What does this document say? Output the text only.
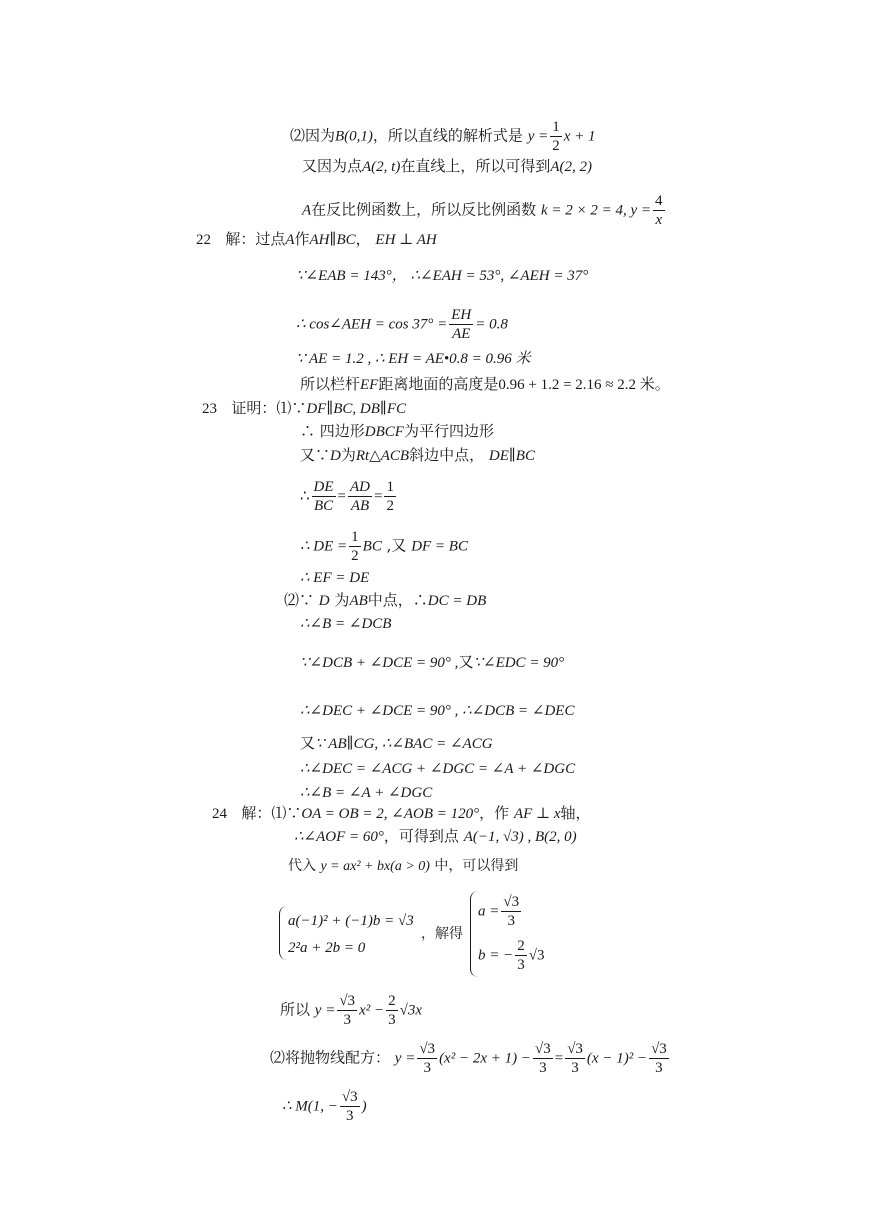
⑵因为B(0,1)，所以直线的解析式是 $y = \frac{1}{2}$ x + 1
又因为点A(2, t)在直线上，所以可得到A(2, 2)
A在反比例函数上，所以反比例函数 k = 2 × 2 = 4, $y = \frac{4}{x}$
22 解：过点A作AH∥BC， EH ⊥ AH
∵∠EAB = 143°， ∴∠EAH = 53°, ∠AEH = 37°
∴ cos∠AEH = $\cos 37^\circ = \frac{EH}{AE} = 0.8$
∵ AE = 1.2 , ∴ EH = AE•0.8 = 0.96 米
所以栏杆EF距离地面的高度是0.96 + 1.2 = 2.16 ≈ 2.2 米。
23 证明：⑴∵DF∥BC, DB∥FC
∴ 四边形DBCF为平行四边形
又∵D为Rt△ACB斜边中点， DE∥BC
∴ $\frac{DE}{BC} = \frac{AD}{AB} = \frac{1}{2}$
∴ DE = $\frac{1}{2}$ BC ,又 DF = BC
∴ EF = DE
⑵∵ D 为AB中点，∴DC = DB
∴∠B = ∠DCB
∵∠DCB + ∠DCE = 90° ,又∵∠EDC = 90°
∴∠DEC + ∠DCE = 90° , ∴∠DCB = ∠DEC
又∵ AB∥CG, ∴∠BAC = ∠ACG
∴∠DEC = ∠ACG + ∠DGC = ∠A + ∠DGC
∴∠B = ∠A + ∠DGC
24 解：⑴∵OA = OB = 2, ∠AOB = 120°，作 AF ⊥ x轴，
∴∠AOF = 60°，可得到点 A(−1, √3) , B(2, 0)
代入 y = ax² + bx(a > 0) 中，可以得到
a(−1)² + (−1)b = √3
2²a + 2b = 0
，解得
$a = \frac{√3}{3}$
b = − $\frac{2}{3} √3$
所以 $y = \frac{√3}{3} x^2 - \frac{2}{3} √3x$
⑵将抛物线配方： $y = \frac{√3}{3} (x^2 - 2x + 1) - \frac{√3}{3} = \frac{√3}{3} (x - 1)^2 - \frac{√3}{3}$
∴ M(1, − $\frac{√3}{3}$ )
